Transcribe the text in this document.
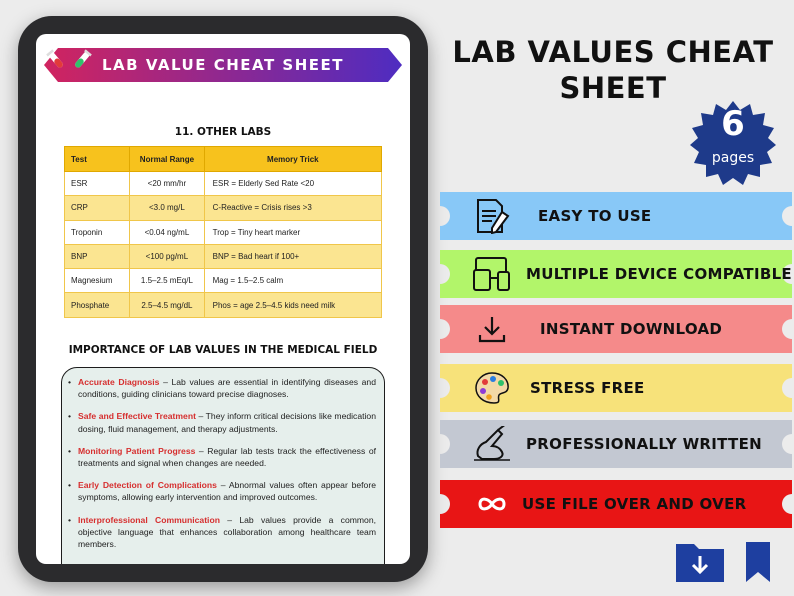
LAB VALUE CHEAT SHEET
11. OTHER LABS
Test	Normal Range	Memory Trick
ESR	<20 mm/hr	ESR = Elderly Sed Rate <20
CRP	<3.0 mg/L	C-Reactive = Crisis rises >3
Troponin	<0.04 ng/mL	Trop = Tiny heart marker
BNP	<100 pg/mL	BNP = Bad heart if 100+
Magnesium	1.5–2.5 mEq/L	Mag = 1.5–2.5 calm
Phosphate	2.5–4.5 mg/dL	Phos = age 2.5–4.5 kids need milk
IMPORTANCE OF LAB VALUES IN THE MEDICAL FIELD
• Accurate Diagnosis – Lab values are essential in identifying diseases and conditions, guiding clinicians toward precise diagnoses.
• Safe and Effective Treatment – They inform critical decisions like medication dosing, fluid management, and therapy adjustments.
• Monitoring Patient Progress – Regular lab tests track the effectiveness of treatments and signal when changes are needed.
• Early Detection of Complications – Abnormal values often appear before symptoms, allowing early intervention and improved outcomes.
• Interprofessional Communication – Lab values provide a common, objective language that enhances collaboration among healthcare team members.
LAB VALUES CHEAT
SHEET
6
pages
EASY TO USE
MULTIPLE DEVICE COMPATIBLE
INSTANT DOWNLOAD
STRESS FREE
PROFESSIONALLY WRITTEN
USE FILE OVER AND OVER
